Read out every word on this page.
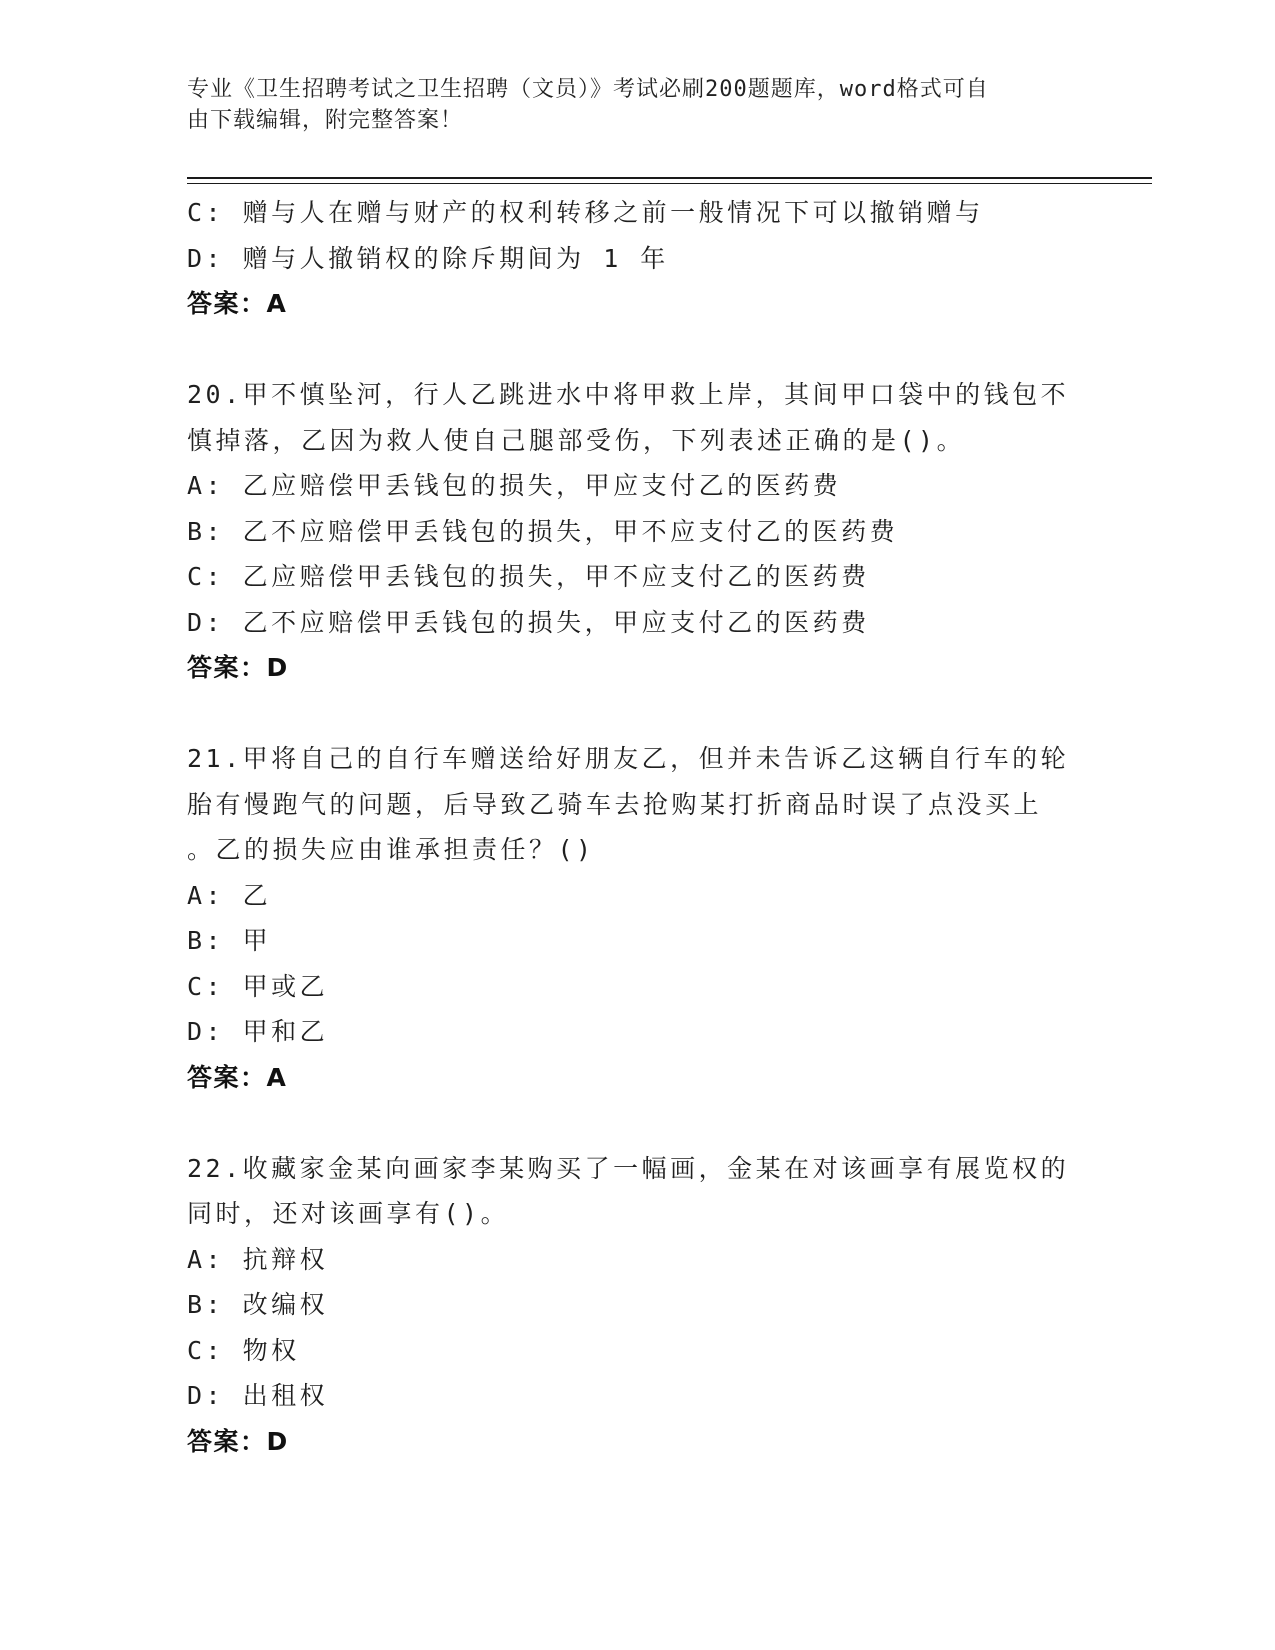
专业《卫生招聘考试之卫生招聘（文员）》考试必刷200题题库，word格式可自
由下载编辑，附完整答案！
C: 赠与人在赠与财产的权利转移之前一般情况下可以撤销赠与
D: 赠与人撤销权的除斥期间为 1 年
答案：A
20.甲不慎坠河，行人乙跳进水中将甲救上岸，其间甲口袋中的钱包不
慎掉落，乙因为救人使自己腿部受伤，下列表述正确的是()。
A: 乙应赔偿甲丢钱包的损失，甲应支付乙的医药费
B: 乙不应赔偿甲丢钱包的损失，甲不应支付乙的医药费
C: 乙应赔偿甲丢钱包的损失，甲不应支付乙的医药费
D: 乙不应赔偿甲丢钱包的损失，甲应支付乙的医药费
答案：D
21.甲将自己的自行车赠送给好朋友乙，但并未告诉乙这辆自行车的轮
胎有慢跑气的问题，后导致乙骑车去抢购某打折商品时误了点没买上
。乙的损失应由谁承担责任？()
A: 乙
B: 甲
C: 甲或乙
D: 甲和乙
答案：A
22.收藏家金某向画家李某购买了一幅画，金某在对该画享有展览权的
同时，还对该画享有()。
A: 抗辩权
B: 改编权
C: 物权
D: 出租权
答案：D
